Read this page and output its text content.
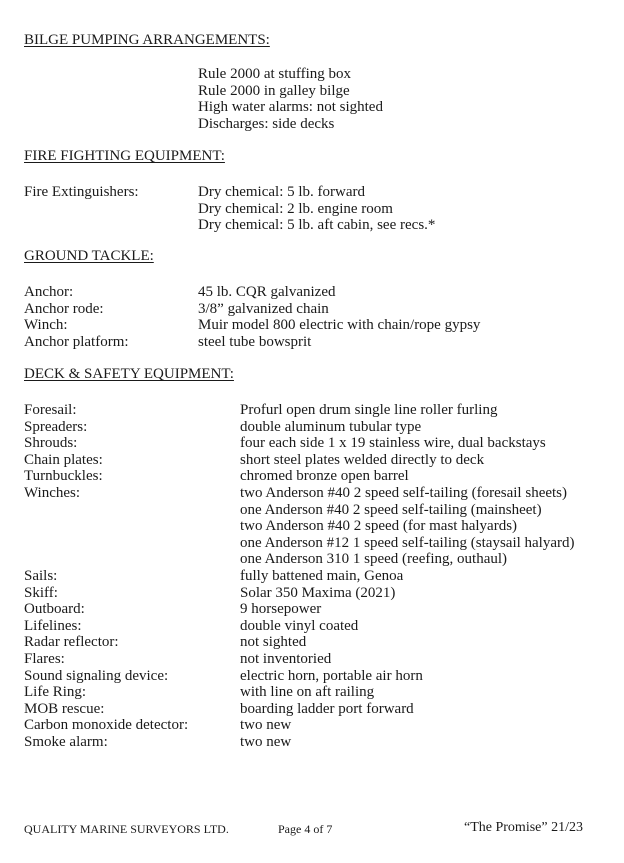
BILGE PUMPING ARRANGEMENTS:
Rule 2000 at stuffing box
Rule 2000 in galley bilge
High water alarms: not sighted
Discharges: side decks
FIRE FIGHTING EQUIPMENT:
Fire Extinguishers:	Dry chemical: 5 lb. forward
Dry chemical: 2 lb. engine room
Dry chemical: 5 lb. aft cabin, see recs.*
GROUND TACKLE:
Anchor:	45 lb. CQR galvanized
Anchor rode:	3/8” galvanized chain
Winch:	Muir model 800 electric with chain/rope gypsy
Anchor platform:	steel tube bowsprit
DECK & SAFETY EQUIPMENT:
Foresail:	Profurl open drum single line roller furling
Spreaders:	double aluminum tubular type
Shrouds:	four each side 1 x 19 stainless wire, dual backstays
Chain plates:	short steel plates welded directly to deck
Turnbuckles:	chromed bronze open barrel
Winches:	two Anderson #40 2 speed self-tailing (foresail sheets)
one Anderson #40 2 speed self-tailing (mainsheet)
two Anderson #40 2 speed (for mast halyards)
one Anderson #12 1 speed self-tailing (staysail halyard)
one Anderson 310 1 speed (reefing, outhaul)
Sails:	fully battened main, Genoa
Skiff:	Solar 350 Maxima (2021)
Outboard:	9 horsepower
Lifelines:	double vinyl coated
Radar reflector:	not sighted
Flares:	not inventoried
Sound signaling device:	electric horn, portable air horn
Life Ring:	with line on aft railing
MOB rescue:	boarding ladder port forward
Carbon monoxide detector:	two new
Smoke alarm:	two new
QUALITY MARINE SURVEYORS LTD.	Page 4 of 7	“The Promise” 21/23
